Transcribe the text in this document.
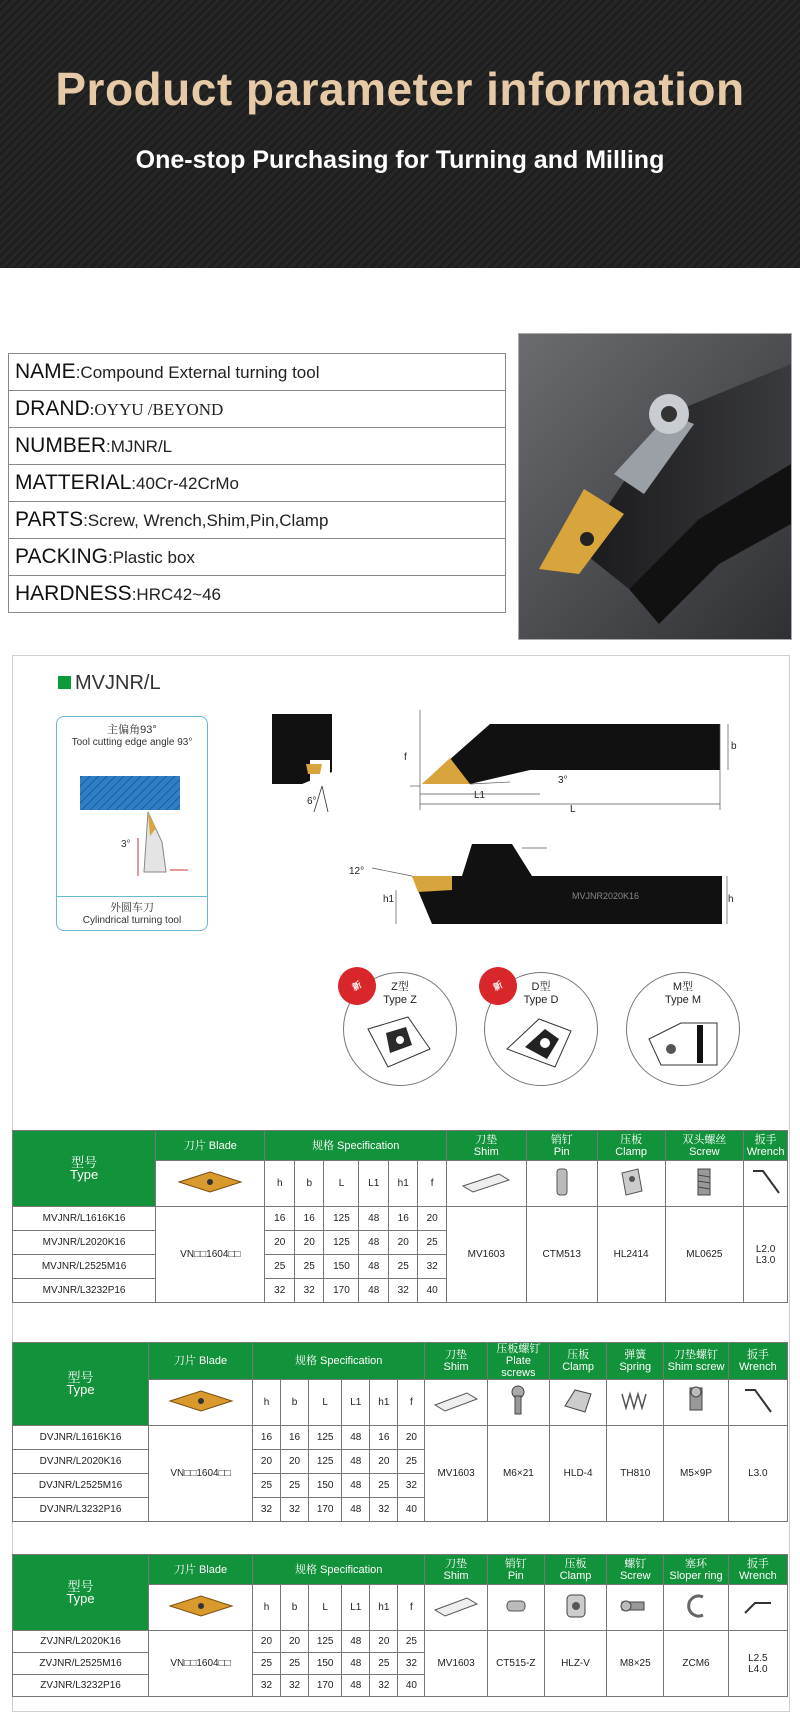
Product parameter information
One-stop Purchasing for Turning and Milling
NAME:Compound External turning tool
DRAND:OYYU /BEYOND
NUMBER:MJNR/L
MATTERIAL:40Cr-42CrMo
PARTS:Screw, Wrench,Shim,Pin,Clamp
PACKING:Plastic box
HARDNESS:HRC42~46
MVJNR/L
主偏角93°
Tool cutting edge angle 93°
3°
外圆车刀
Cylindrical turning tool
6°
f
b
L1
L
3°
12°
h1	h
MVJNR2020K16
新	Z型
Type Z
新	D型
Type D
M型
Type M
型号
Type	刀片 Blade	规格 Specification						刀垫
Shim	销钉
Pin	压板
Clamp	双头螺丝
Screw	扳手
Wrench
	h	b	L	L1	h1	f					
MVJNR/L1616K16	VN□□1604□□	16	16	125	48	16	20	MV1603	CTM513	HL2414	ML0625	L2.0
L3.0
MVJNR/L2020K16		20	20	125	48	20	25					
MVJNR/L2525M16		25	25	150	48	25	32					
MVJNR/L3232P16		32	32	170	48	32	40					
型号
Type	刀片 Blade	规格 Specification						刀垫
Shim	压板螺钉
Plate screws	压板
Clamp	弹簧
Spring	刀垫螺钉
Shim screw	扳手
Wrench
	h	b	L	L1	h1	f						
DVJNR/L1616K16	VN□□1604□□	16	16	125	48	16	20	MV1603	M6×21	HLD-4	TH810	M5×9P	L3.0
DVJNR/L2020K16		20	20	125	48	20	25						
DVJNR/L2525M16		25	25	150	48	25	32						
DVJNR/L3232P16		32	32	170	48	32	40						
型号
Type	刀片 Blade	规格 Specification						刀垫
Shim	销钉
Pin	压板
Clamp	螺钉
Screw	塞环
Sloper ring	扳手
Wrench
	h	b	L	L1	h1	f						
ZVJNR/L2020K16	VN□□1604□□	20	20	125	48	20	25	MV1603	CT515-Z	HLZ-V	M8×25	ZCM6	L2.5
L4.0
ZVJNR/L2525M16		25	25	150	48	25	32						
ZVJNR/L3232P16		32	32	170	48	32	40						
